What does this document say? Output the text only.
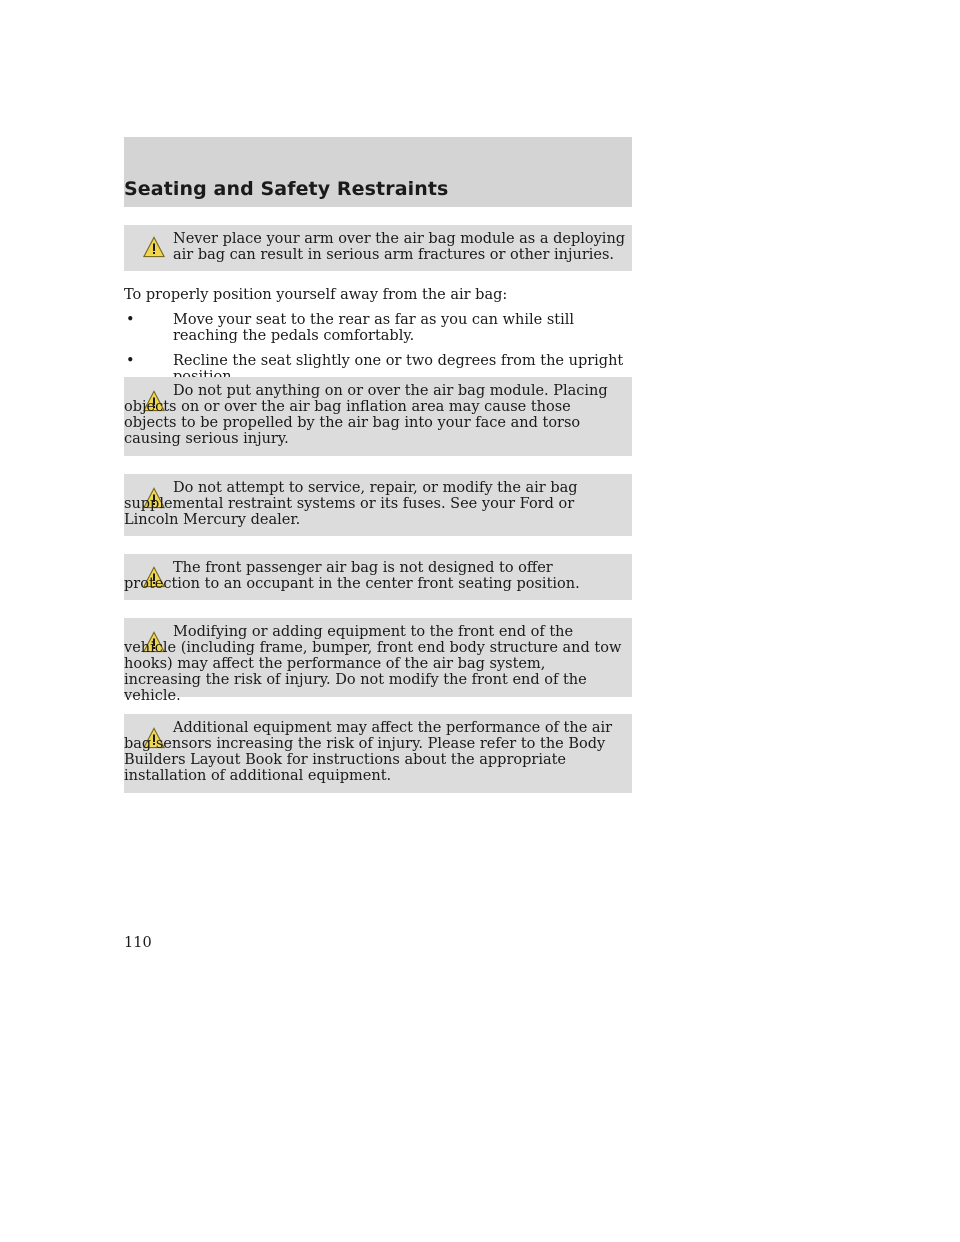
Seating and Safety Restraints

Never place your arm over the air bag module as a deploying air bag can result in serious arm fractures or other injuries.

To properly position yourself away from the air bag:

•	Move your seat to the rear as far as you can while still reaching the pedals comfortably.
•	Recline the seat slightly one or two degrees from the upright

Do not put anything on or over the air bag module. Placing objects on or over the air bag inflation area may cause those objects to be propelled by the air bag into your face and torso causing serious injury.

Do not attempt to service, repair, or modify the air bag supplemental restraint systems or its fuses. See your Ford or Lincoln Mercury dealer.

The front passenger air bag is not designed to offer protection to an occupant in the center front seating position.

Modifying or adding equipment to the front end of the vehicle (including frame, bumper, front end body structure and tow hooks) may affect the performance of the air bag system, increasing the risk of injury. Do not modify the front end of the vehicle.

Additional equipment may affect the performance of the air bag sensors increasing the risk of injury. Please refer to the Body Builders Layout Book for instructions about the appropriate installation of additional equipment.

110
